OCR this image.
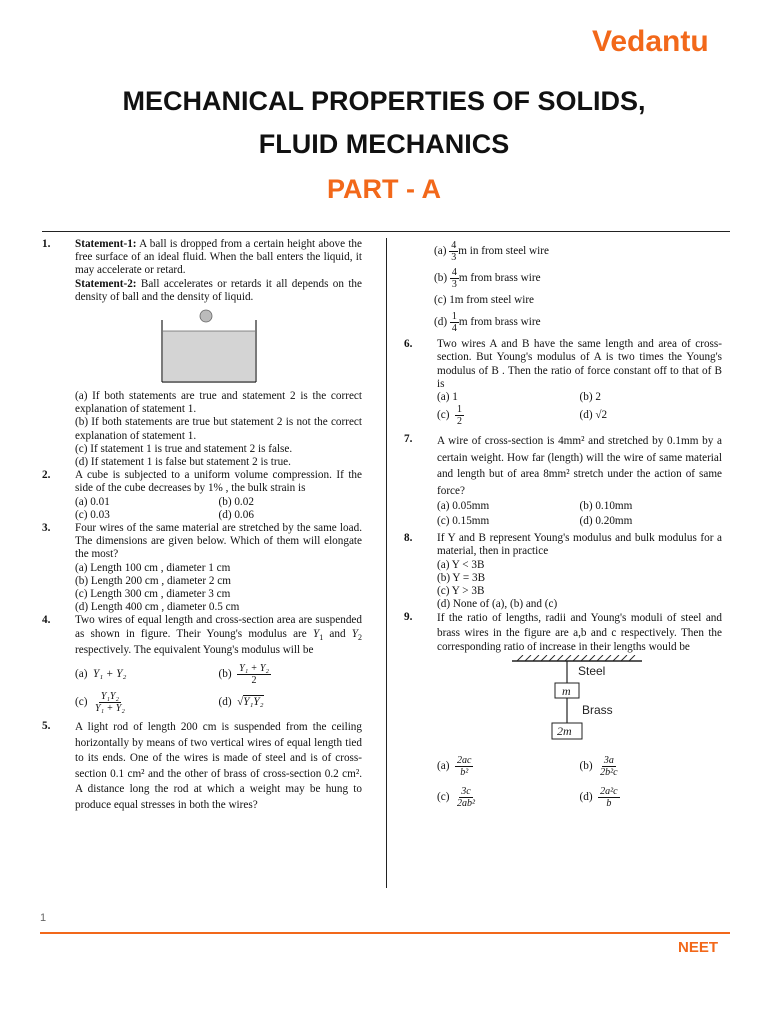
Vedantu
MECHANICAL PROPERTIES OF SOLIDS,
FLUID MECHANICS
PART - A
1.	Statement-1: A ball is dropped from a certain height above the free surface of an ideal fluid. When the ball enters the liquid, it may accelerate or retard.
Statement-2: Ball accelerates or retards it all depends on the density of ball and the density of liquid.
(a) If both statements are true and statement 2 is the correct explanation of statement 1.
(b) If both statements are true but statement 2 is not the correct explanation of statement 1.
(c) If statement 1 is true and statement 2 is false.
(d) If statement 1 is false but statement 2 is true.
2.	A cube is subjected to a uniform volume compression. If the side of the cube decreases by 1% , the bulk strain is
(a) 0.01	(b) 0.02
(c) 0.03	(d) 0.06
3.	Four wires of the same material are stretched by the same load. The dimensions are given below. Which of them will elongate the most?
(a) Length 100 cm , diameter 1 cm
(b) Length 200 cm , diameter 2 cm
(c) Length 300 cm , diameter 3 cm
(d) Length 400 cm , diameter 0.5 cm
4.	Two wires of equal length and cross-section area are suspended as shown in figure. Their Young's modulus are $Y_1$ and $Y_2$ respectively. The equivalent Young's modulus will be
(a) Y₁ + Y₂	$(b) \frac{\text{Y₁ + Y₂}}{2}$
$(c) \frac{\text{Y₁Y₂}}{\text{Y₁ + Y₂}}$	(d)  √Y₁Y₂
5.	A light rod of length 200 cm is suspended from the ceiling horizontally by means of two vertical wires of equal length tied to its ends. One of the wires is made of steel and is of cross-section 0.1 cm² and the other of brass of cross-section 0.2 cm². A distance long the rod at which a weight may be hung to produce equal stresses in both the wires?
$(a) \frac{4}{3}$ m in from steel wire
$(b) \frac{4}{3}$ m from brass wire
(c) 1m from steel wire
$(d) \frac{1}{4}$ m from brass wire
6.	Two wires A and B have the same length and area of cross-section. But Young's modulus of A is two times the Young's modulus of B . Then the ratio of force constant off to that of B is
(a) 1	(b) 2
$(c) \frac{1}{2}$	(d) √2
7.	A wire of cross-section is 4mm² and stretched by 0.1mm by a certain weight. How far (length) will the wire of same material and length but of area 8mm² stretch under the action of same force?
(a) 0.05mm	(b) 0.10mm
(c) 0.15mm	(d) 0.20mm
8.	If Y and B represent Young's modulus and bulk modulus for a material, then in practice
(a) Y < 3B
(b) Y = 3B
(c) Y > 3B
(d) None of (a), (b) and (c)
9.	If the ratio of lengths, radii and Young's moduli of steel and brass wires in the figure are a,b and c respectively. Then the corresponding ratio of increase in their lengths would be
Steel
m
Brass
2m
$(a) \frac{2ac}{\text{b²}}$	$(b) \frac{3a}{\text{2b²c}}$
$(c) \frac{3c}{\text{2ab²}}$	$(d) \frac{\text{2a²c}}{b}$
1
NEET
